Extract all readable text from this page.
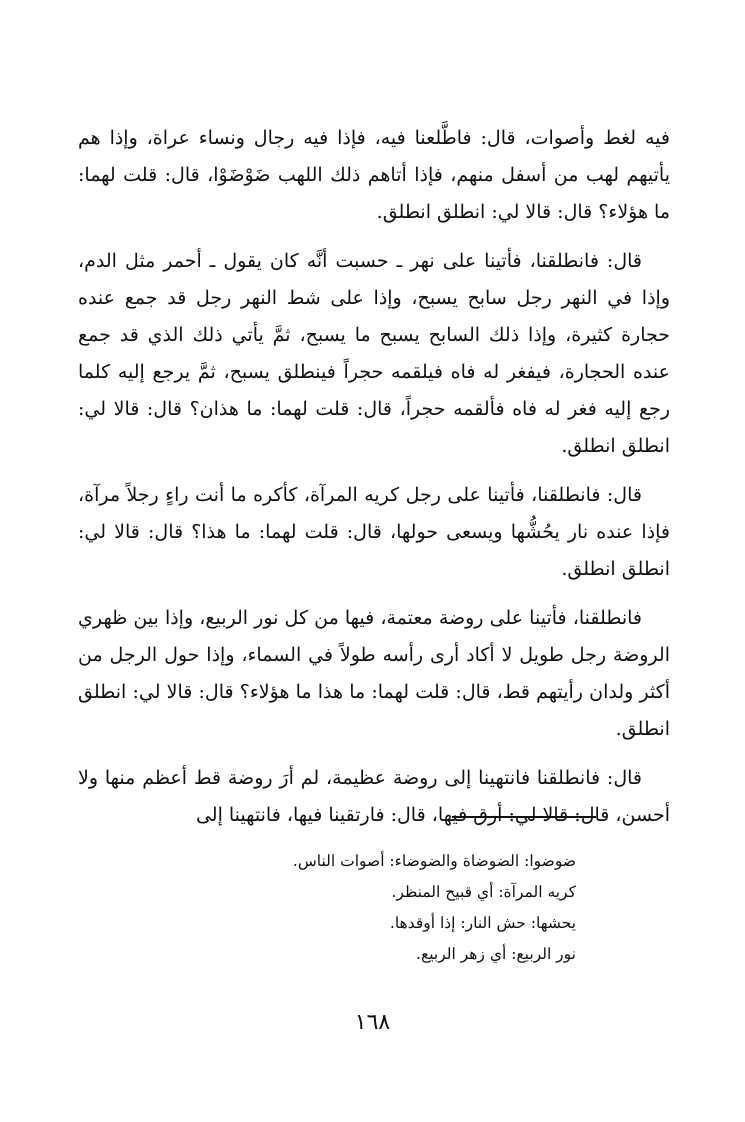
فيه لغط وأصوات، قال: فاطَّلعنا فيه، فإذا فيه رجال ونساء عراة، وإذا هم يأتيهم لهب من أسفل منهم، فإذا أتاهم ذلك اللهب ضَوْضَوْا، قال: قلت لهما: ما هؤلاء؟ قال: قالا لي: انطلق انطلق.

قال: فانطلقنا، فأتينا على نهر ـ حسبت أنَّه كان يقول ـ أحمر مثل الدم، وإذا في النهر رجل سابح يسبح، وإذا على شط النهر رجل قد جمع عنده حجارة كثيرة، وإذا ذلك السابح يسبح ما يسبح، ثمَّ يأتي ذلك الذي قد جمع عنده الحجارة، فيفغر له فاه فيلقمه حجراً فينطلق يسبح، ثمَّ يرجع إليه كلما رجع إليه فغر له فاه فألقمه حجراً، قال: قلت لهما: ما هذان؟ قال: قالا لي: انطلق انطلق.

قال: فانطلقنا، فأتينا على رجل كريه المرآة، كأكره ما أنت راءٍ رجلاً مرآة، فإذا عنده نار يحُشُّها ويسعى حولها، قال: قلت لهما: ما هذا؟ قال: قالا لي: انطلق انطلق.

فانطلقنا، فأتينا على روضة معتمة، فيها من كل نور الربيع، وإذا بين ظهري الروضة رجل طويل لا أكاد أرى رأسه طولاً في السماء، وإذا حول الرجل من أكثر ولدان رأيتهم قط، قال: قلت لهما: ما هذا ما هؤلاء؟ قال: قالا لي: انطلق انطلق.

قال: فانطلقنا فانتهينا إلى روضة عظيمة، لم أرَ روضة قط أعظم منها ولا أحسن، قال: قالا لي: أرق فيها، قال: فارتقينا فيها، فانتهينا إلى

ضوضوا: الضوضاة والضوضاء: أصوات الناس.

كريه المرآة: أي قبيح المنظر.

يحشها: حش النار: إذا أوقدها.

نور الربيع: أي زهر الربيع.

١٦٨
